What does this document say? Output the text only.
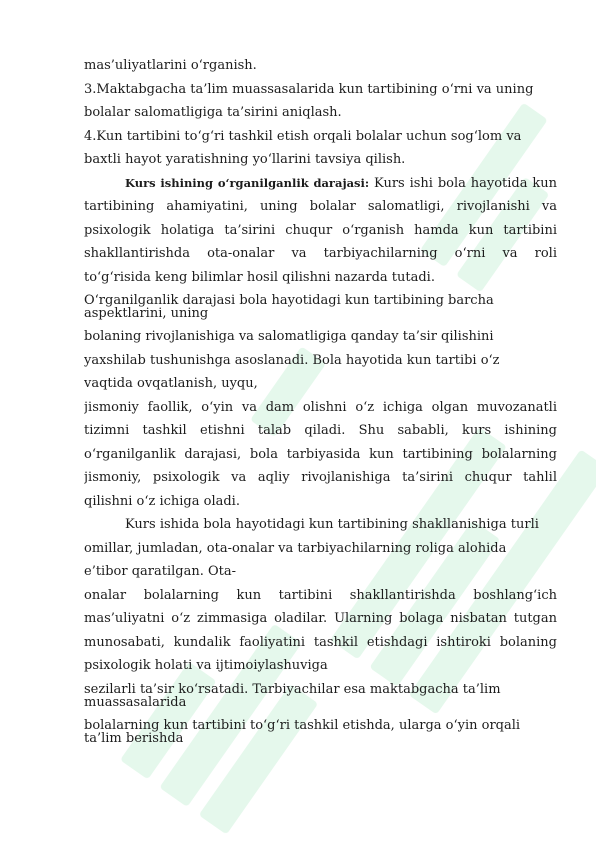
mas’uliyatlarini o‘rganish.
3.Maktabgacha ta’lim muassasalarida kun tartibining o‘rni va uning
bolalar salomatligiga ta’sirini aniqlash.
4.Kun tartibini to‘g‘ri tashkil etish orqali bolalar uchun sog‘lom va
baxtli hayot yaratishning yo‘llarini tavsiya qilish.
Kurs ishining o‘rganilganlik darajasi: Kurs ishi bola hayotida kun
tartibining ahamiyatini, uning bolalar salomatligi, rivojlanishi va
psixologik holatiga ta’sirini chuqur o‘rganish hamda kun tartibini
shakllantirishda ota-onalar va tarbiyachilarning o‘rni va roli
to‘g‘risida keng bilimlar hosil qilishni nazarda tutadi.
O‘rganilganlik darajasi bola hayotidagi kun tartibining barcha
aspektlarini, uning
bolaning rivojlanishiga va salomatligiga qanday ta’sir qilishini
yaxshilab tushunishga asoslanadi. Bola hayotida kun tartibi o‘z
vaqtida ovqatlanish, uyqu,
jismoniy faollik, o‘yin va dam olishni o‘z ichiga olgan muvozanatli
tizimni tashkil etishni talab qiladi. Shu sababli, kurs ishining
o‘rganilganlik darajasi, bola tarbiyasida kun tartibining bolalarning
jismoniy, psixologik va aqliy rivojlanishiga ta’sirini chuqur tahlil
qilishni o‘z ichiga oladi.
Kurs ishida bola hayotidagi kun tartibining shakllanishiga turli
omillar, jumladan, ota-onalar va tarbiyachilarning roliga alohida
e’tibor qaratilgan. Ota-
onalar bolalarning kun tartibini shakllantirishda boshlang‘ich
mas’uliyatni o‘z zimmasiga oladilar. Ularning bolaga nisbatan tutgan
munosabati, kundalik faoliyatini tashkil etishdagi ishtiroki bolaning
psixologik holati va ijtimoiylashuviga
sezilarli ta’sir ko‘rsatadi. Tarbiyachilar esa maktabgacha ta’lim
muassasalarida
bolalarning kun tartibini to‘g‘ri tashkil etishda, ularga o‘yin orqali
ta’lim berishda
